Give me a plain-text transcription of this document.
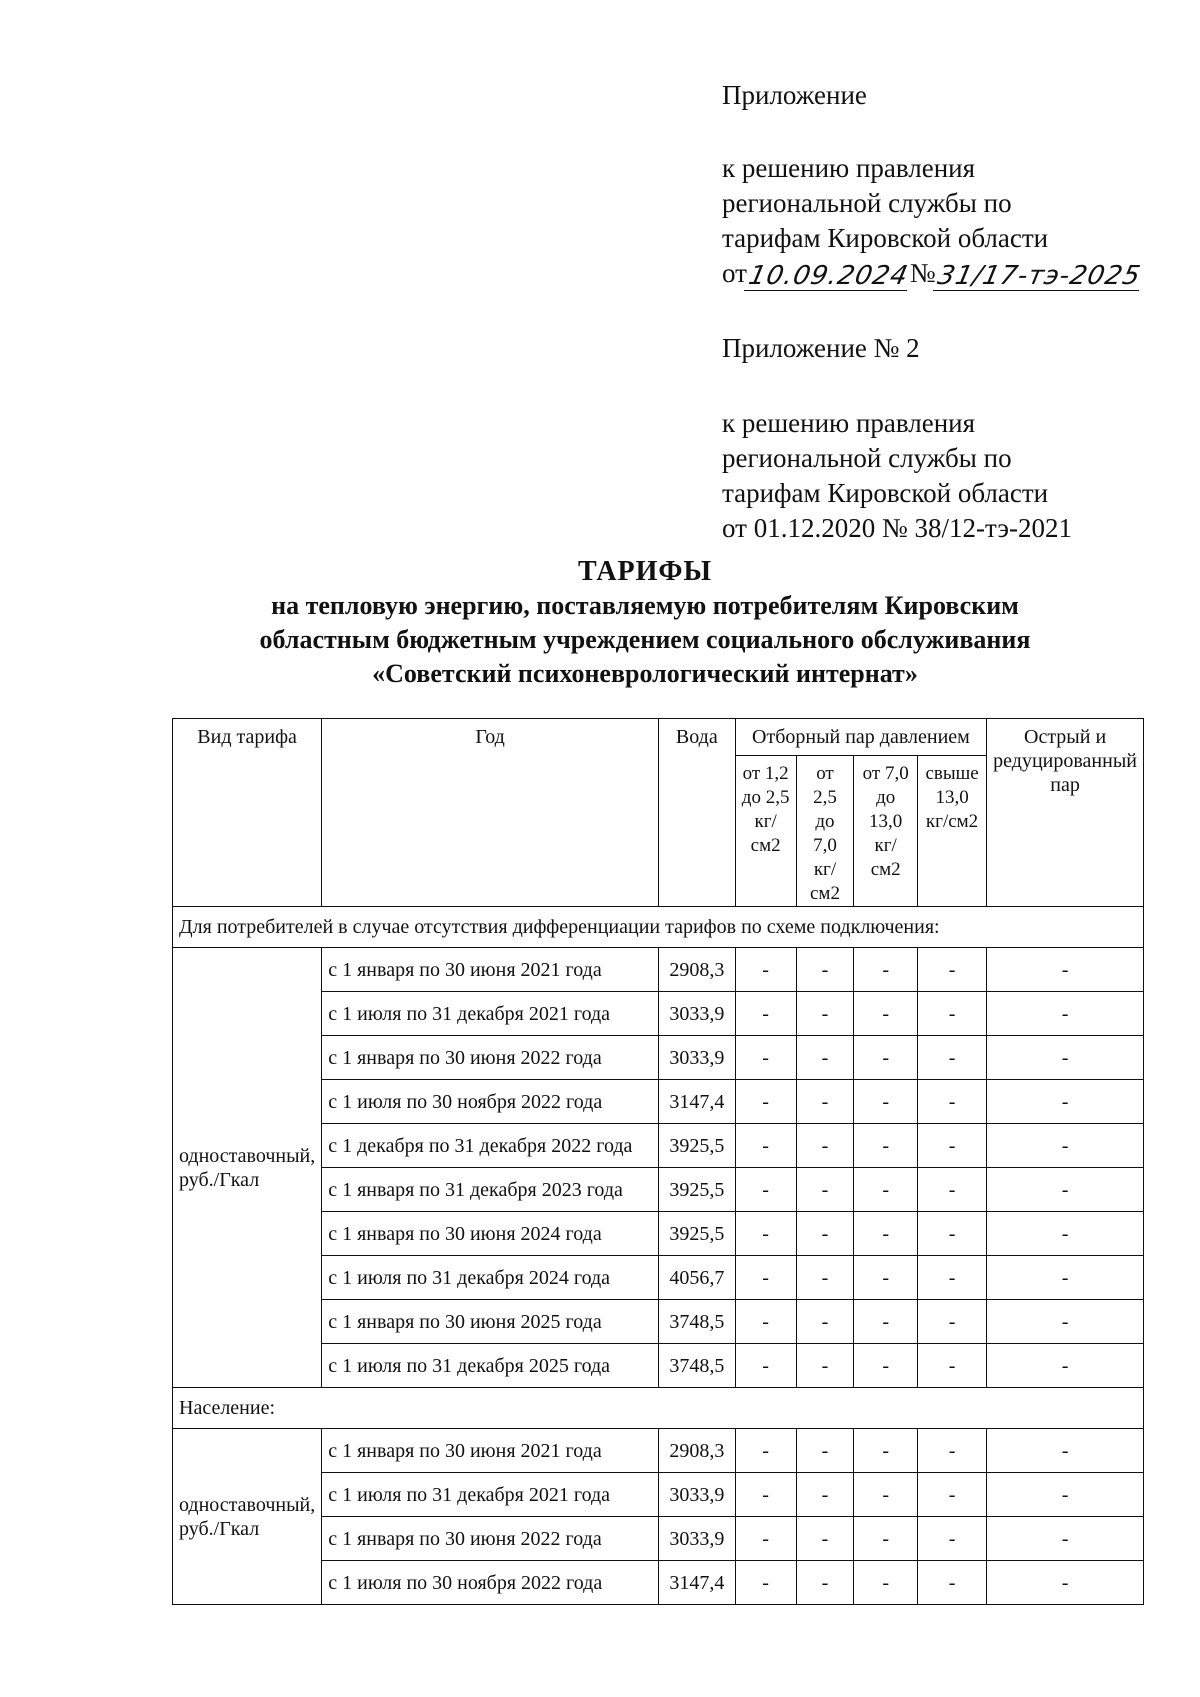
Приложение

к решению правления

региональной службы по

тарифам Кировской области

от
10.09.2024
№
31/17-тэ-2025

Приложение № 2

к решению правления

региональной службы по

тарифам Кировской области

от 01.12.2020 № 38/12-тэ-2021

ТАРИФЫ
на тепловую энергию, поставляемую потребителям Кировским
областным бюджетным учреждением социального обслуживания
«Советский психоневрологический интернат»
Вид тарифа	Год	Вода	Отборный пар давлением				Острый и редуцированный пар
			от 1,2 до 2,5 кг/см2	от 2,5 до 7,0 кг/см2	от 7,0 до 13,0 кг/см2	свыше 13,0 кг/см2	
Для потребителей в случае отсутствия дифференциации тарифов по схеме подключения:							
одноставочный, руб./Гкал	с 1 января по 30 июня 2021 года	2908,3	-	-	-	-	-
	с 1 июля по 31 декабря 2021 года	3033,9	-	-	-	-	-
	с 1 января по 30 июня 2022 года	3033,9	-	-	-	-	-
	с 1 июля по 30 ноября 2022 года	3147,4	-	-	-	-	-
	с 1 декабря по 31 декабря 2022 года	3925,5	-	-	-	-	-
	с 1 января по 31 декабря 2023 года	3925,5	-	-	-	-	-
	с 1 января по 30 июня 2024 года	3925,5	-	-	-	-	-
	с 1 июля по 31 декабря 2024 года	4056,7	-	-	-	-	-
	с 1 января по 30 июня 2025 года	3748,5	-	-	-	-	-
	с 1 июля по 31 декабря 2025 года	3748,5	-	-	-	-	-
Население:							
одноставочный, руб./Гкал	с 1 января по 30 июня 2021 года	2908,3	-	-	-	-	-
	с 1 июля по 31 декабря 2021 года	3033,9	-	-	-	-	-
	с 1 января по 30 июня 2022 года	3033,9	-	-	-	-	-
	с 1 июля по 30 ноября 2022 года	3147,4	-	-	-	-	-
